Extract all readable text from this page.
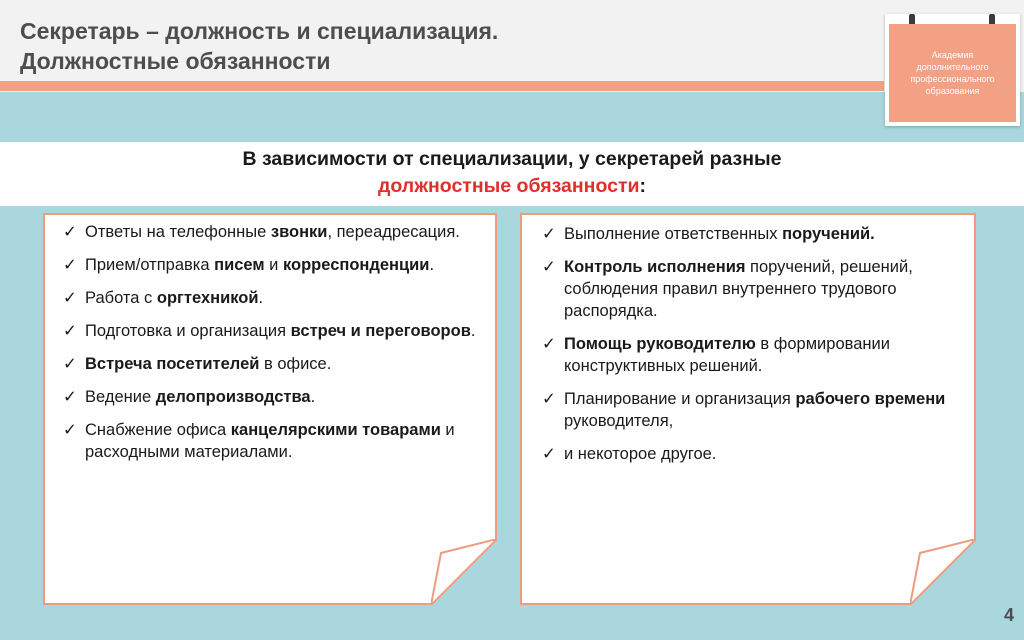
Секретарь – должность и специализация.
Должностные обязанности	Академия дополнительного профессионального образования
В зависимости от специализации, у секретарей разные
должностные обязанности:
✓ Ответы на телефонные звонки, переадресация.
✓ Прием/отправка писем и корреспонденции.
✓ Работа с оргтехникой.
✓ Подготовка и организация встреч и переговоров.
✓ Встреча посетителей в офисе.
✓ Ведение делопроизводства.
✓ Снабжение офиса канцелярскими товарами и расходными материалами.
✓ Выполнение ответственных поручений.
✓ Контроль исполнения поручений, решений, соблюдения правил внутреннего трудового распорядка.
✓ Помощь руководителю в формировании конструктивных решений.
✓ Планирование и организация рабочего времени руководителя,
✓ и некоторое другое.
4
